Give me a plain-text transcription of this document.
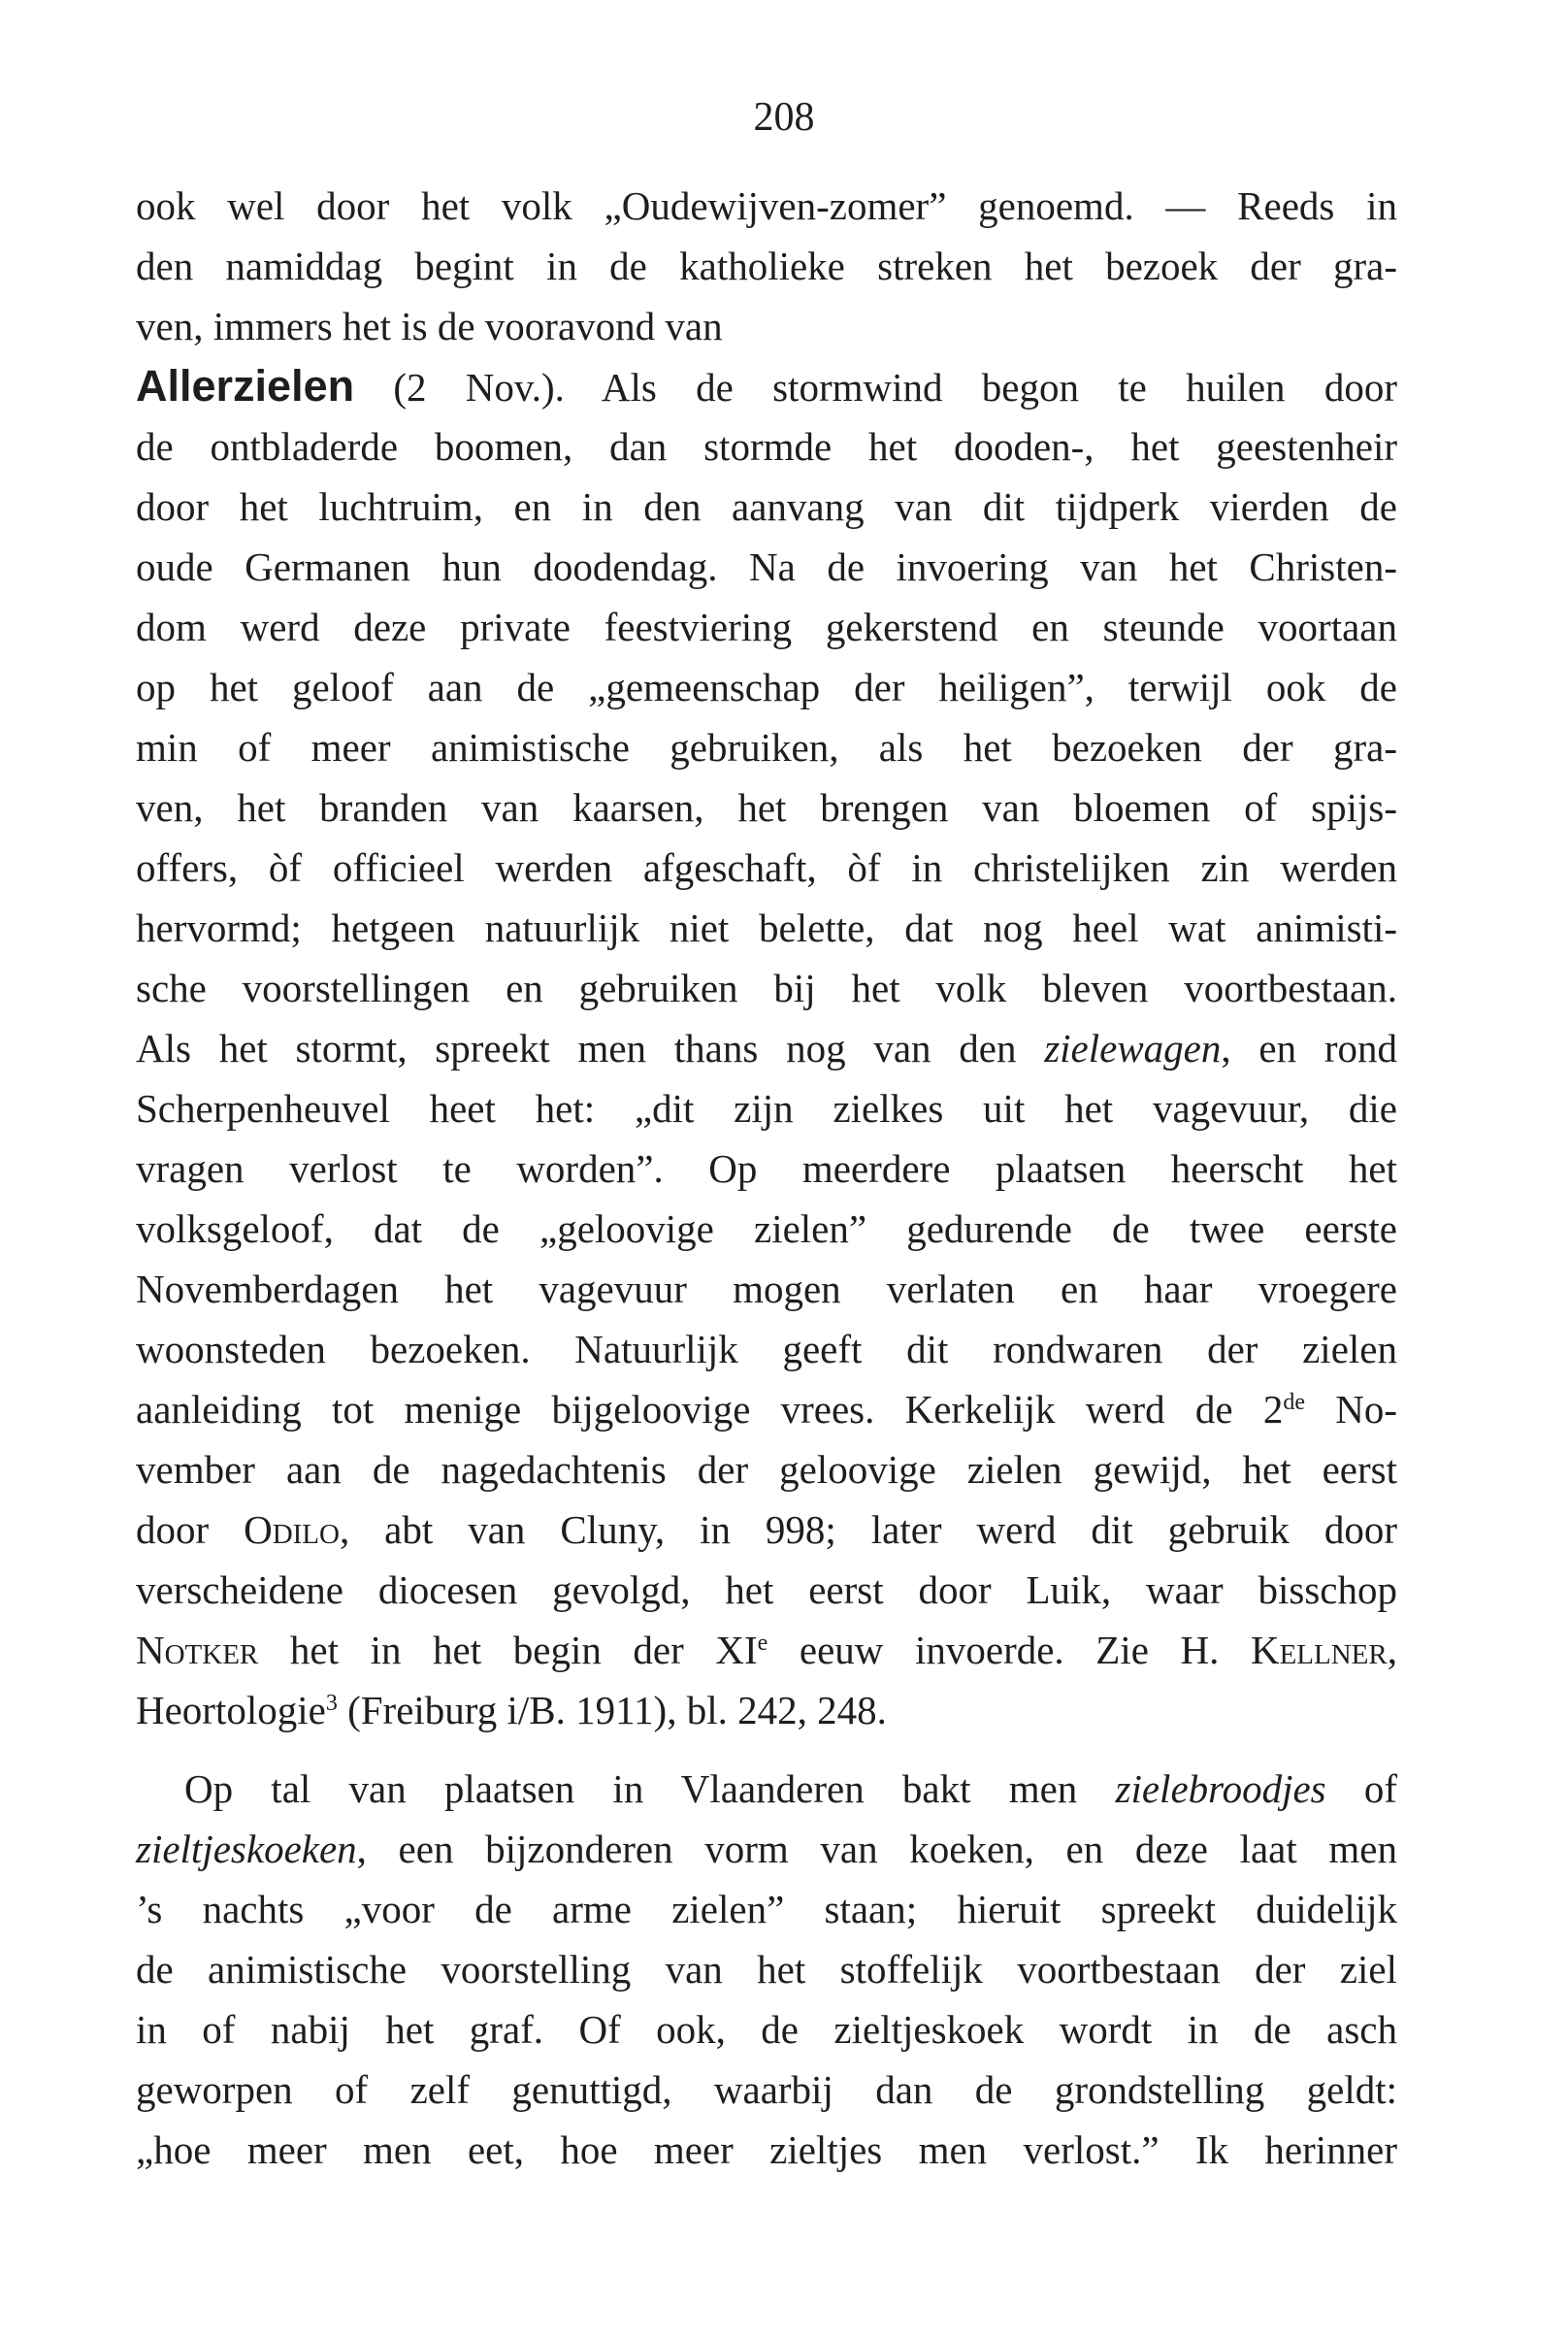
208

ook wel door het volk „Oudewijven-zomer” genoemd. — Reeds in

den namiddag begint in de katholieke streken het bezoek der gra-

ven, immers het is de vooravond van

Allerzielen (2 Nov.). Als de stormwind begon te huilen door

de ontbladerde boomen, dan stormde het dooden-, het geestenheir

door het luchtruim, en in den aanvang van dit tijdperk vierden de

oude Germanen hun doodendag. Na de invoering van het Christen-

dom werd deze private feestviering gekerstend en steunde voortaan

op het geloof aan de „gemeenschap der heiligen”, terwijl ook de

min of meer animistische gebruiken, als het bezoeken der gra-

ven, het branden van kaarsen, het brengen van bloemen of spijs-

offers, òf officieel werden afgeschaft, òf in christelijken zin werden

hervormd; hetgeen natuurlijk niet belette, dat nog heel wat animisti-

sche voorstellingen en gebruiken bij het volk bleven voortbestaan.

Als het stormt, spreekt men thans nog van den zielewagen, en rond

Scherpenheuvel heet het: „dit zijn zielkes uit het vagevuur, die

vragen verlost te worden”. Op meerdere plaatsen heerscht het

volksgeloof, dat de „geloovige zielen” gedurende de twee eerste

Novemberdagen het vagevuur mogen verlaten en haar vroegere

woonsteden bezoeken. Natuurlijk geeft dit rondwaren der zielen

aanleiding tot menige bijgeloovige vrees. Kerkelijk werd de 2de No-

vember aan de nagedachtenis der geloovige zielen gewijd, het eerst

door Odilo, abt van Cluny, in 998; later werd dit gebruik door

verscheidene diocesen gevolgd, het eerst door Luik, waar bisschop

Notker het in het begin der XIe eeuw invoerde. Zie H. Kellner,

Heortologie$^3$ (Freiburg i/B. 1911), bl. 242, 248.

Op tal van plaatsen in Vlaanderen bakt men zielebroodjes of

zieltjeskoeken, een bijzonderen vorm van koeken, en deze laat men

’s nachts „voor de arme zielen” staan; hieruit spreekt duidelijk

de animistische voorstelling van het stoffelijk voortbestaan der ziel

in of nabij het graf. Of ook, de zieltjeskoek wordt in de asch

geworpen of zelf genuttigd, waarbij dan de grondstelling geldt:

„hoe meer men eet, hoe meer zieltjes men verlost.” Ik herinner
